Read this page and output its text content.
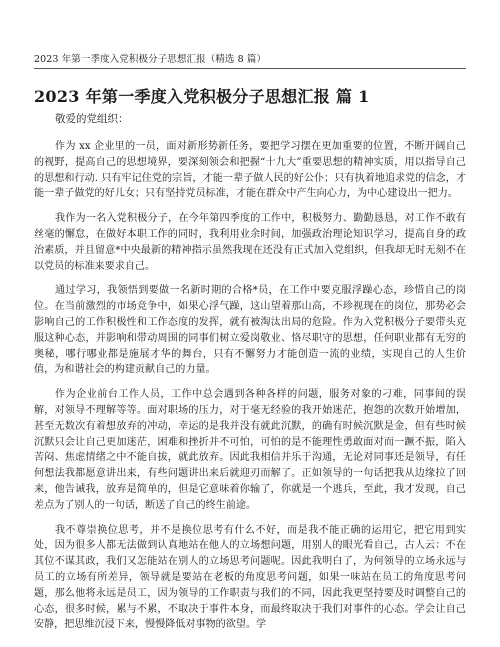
2023 年第一季度入党积极分子思想汇报（精选 8 篇）
2023 年第一季度入党积极分子思想汇报 篇 1

敬爱的党组织：

作为 xx 企业里的一员，面对新形势新任务，要把学习摆在更加重要的位置，不断开阔自己的视野，提高自己的思想境界，要深刻领会和把握“十九大”重要思想的精神实质，用以指导自己的思想和行动. 只有牢记住党的宗旨，才能一辈子做人民的好公仆；只有执着地追求党的信念，才能一辈子做党的好儿女；只有坚持党员标准，才能在群众中产生向心力，为中心建设出一把力。

我作为一名入党积极分子，在今年第四季度的工作中，积极努力、勤勤恳恳，对工作不敢有丝毫的懈怠，在做好本职工作的同时，我利用业余时间，加强政治理论知识学习，提高自身的政治素质，并且留意*中央最新的精神指示虽然我现在还没有正式加入党组织，但我却无时无刻不在以党员的标准来要求自己。

通过学习，我领悟到要做一名新时期的合格*员，在工作中要克服浮躁心态，珍惜自己的岗位。在当前激烈的市场竞争中，如果心浮气躁，这山望着那山高，不珍视现在的岗位，那势必会影响自己的工作积极性和工作态度的发挥，就有被淘汰出局的危险。作为入党积极分子要带头克服这种心态，并影响和带动周围的同事们树立爱岗敬业、恪尽职守的思想，任何职业都有无穷的奥秘，哪行哪业都是施展才华的舞台，只有不懈努力才能创造一流的业绩，实现自己的人生价值，为和谐社会的构建贡献自己的力量。

作为企业前台工作人员，工作中总会遇到各种各样的问题，服务对象的刁难，同事间的误解，对领导不理解等等。面对职场的压力，对于毫无经验的我开始迷茫，抱怨的次数开始增加，甚至无数次有着想放弃的冲动，幸运的是我并没有就此沉默，的确有时候沉默是金，但有些时候沉默只会让自己更加迷茫，困难和挫折并不可怕，可怕的是不能理性勇敢面对而一蹶不振，陷入苦闷、焦虑情绪之中不能自拔，就此放弃。因此我相信并乐于沟通，无论对同事还是领导，有任何想法我都愿意讲出来，有些问题讲出来后就迎刃而解了。正如领导的一句话把我从边缘拉了回来，他告诫我，放弃是简单的，但是它意味着你输了，你就是一个逃兵，至此，我才发现，自己差点为了别人的一句话，断送了自己的终生前途。

我不尊崇换位思考，并不是换位思考有什么不好，而是我不能正确的运用它，把它用到实处，因为很多人都无法做到认真地站在他人的立场想问题，用别人的眼光看自己，古人云：不在其位不谋其政，我们又怎能站在别人的立场思考问题呢。因此我明白了，为何领导的立场永远与员工的立场有所差异，领导就是要站在老板的角度思考问题，如果一味站在员工的角度思考问题，那么他将永远是员工，因为领导的工作职责与我们的不同，因此我更坚持要及时调整自己的心态，很多时候，累与不累，不取决于事件本身，而最终取决于我们对事件的心态。学会让自己安静，把思维沉浸下来，慢慢降低对事物的欲望。学
